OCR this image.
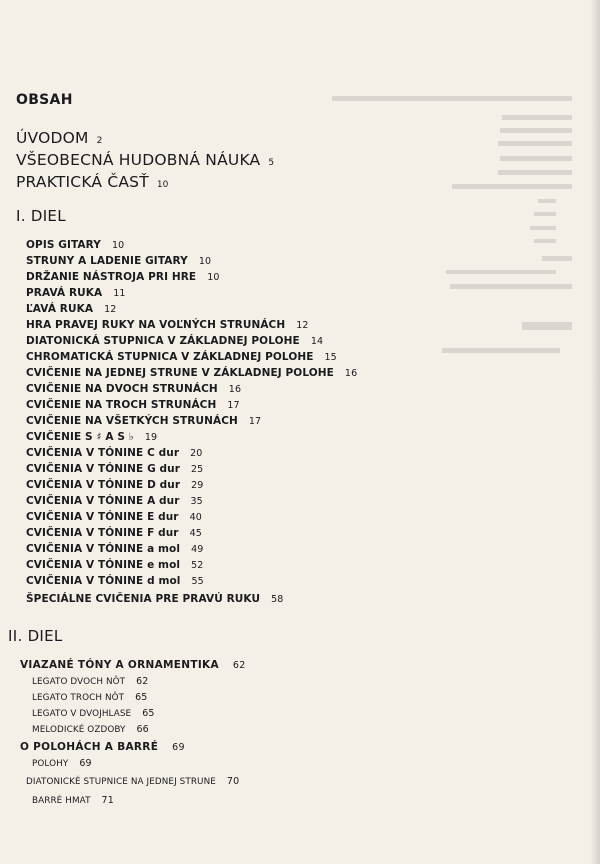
OBSAH
ÚVODOM 2
VŠEOBECNÁ HUDOBNÁ NÁUKA 5
PRAKTICKÁ ČASŤ 10
I. DIEL
OPIS GITARY 10
STRUNY A LADENIE GITARY 10
DRŽANIE NÁSTROJA PRI HRE 10
PRAVÁ RUKA 11
ĽAVÁ RUKA 12
HRA PRAVEJ RUKY NA VOĽNÝCH STRUNÁCH 12
DIATONICKÁ STUPNICA V ZÁKLADNEJ POLOHE 14
CHROMATICKÁ STUPNICA V ZÁKLADNEJ POLOHE 15
CVIČENIE NA JEDNEJ STRUNE V ZÁKLADNEJ POLOHE 16
CVIČENIE NA DVOCH STRUNÁCH 16
CVIČENIE NA TROCH STRUNÁCH 17
CVIČENIE NA VŠETKÝCH STRUNÁCH 17
CVIČENIE S ♯ A S ♭ 19
CVIČENIA V TÓNINE C dur 20
CVIČENIA V TÓNINE G dur 25
CVIČENIA V TÓNINE D dur 29
CVIČENIA V TÓNINE A dur 35
CVIČENIA V TÓNINE E dur 40
CVIČENIA V TÓNINE F dur 45
CVIČENIA V TÓNINE a mol 49
CVIČENIA V TÓNINE e mol 52
CVIČENIA V TÓNINE d mol 55
ŠPECIÁLNE CVIČENIA PRE PRAVÚ RUKU 58
II. DIEL
VIAZANÉ TÓNY A ORNAMENTIKA 62
LEGATO DVOCH NÔT 62
LEGATO TROCH NÔT 65
LEGATO V DVOJHLASE 65
MELODICKÉ OZDOBY 66
O POLOHÁCH A BARRÉ 69
POLOHY 69
DIATONICKÉ STUPNICE NA JEDNEJ STRUNE 70
BARRÉ HMAT 71
